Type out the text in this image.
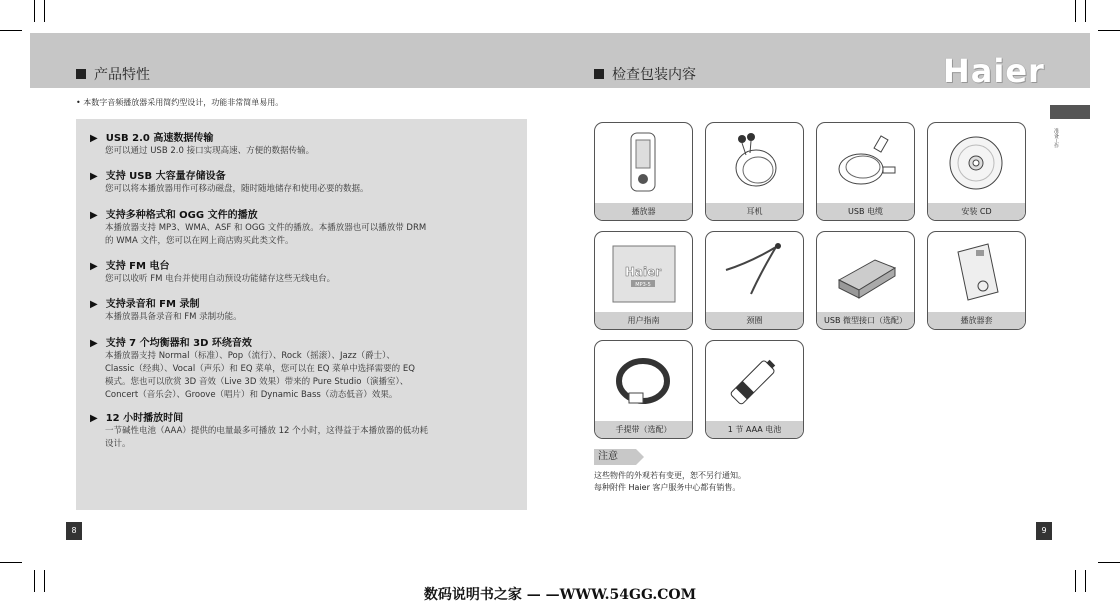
产品特性	检查包装内容	Haier
• 本数字音频播放器采用简约型设计，功能非常简单易用。
▶ USB 2.0 高速数据传输
您可以通过 USB 2.0 接口实现高速、方便的数据传输。
▶ 支持 USB 大容量存储设备
您可以将本播放器用作可移动磁盘，随时随地储存和使用必要的数据。
▶ 支持多种格式和 OGG 文件的播放
本播放器支持 MP3、WMA、ASF 和 OGG 文件的播放。本播放器也可以播放带 DRM
的 WMA 文件，您可以在网上商店购买此类文件。
▶ 支持 FM 电台
您可以收听 FM 电台并使用自动预设功能储存这些无线电台。
▶ 支持录音和 FM 录制
本播放器具备录音和 FM 录制功能。
▶ 支持 7 个均衡器和 3D 环绕音效
本播放器支持 Normal（标准）、Pop（流行）、Rock（摇滚）、Jazz（爵士）、
Classic（经典）、Vocal（声乐）和 EQ 菜单，您可以在 EQ 菜单中选择需要的 EQ
模式。您也可以欣赏 3D 音效（Live 3D 效果）带来的 Pure Studio（演播室）、
Concert（音乐会）、Groove（唱片）和 Dynamic Bass（动态低音）效果。
▶ 12 小时播放时间
一节碱性电池（AAA）提供的电量最多可播放 12 个小时，这得益于本播放器的低功耗
设计。
播放器	耳机	USB 电缆	安装 CD
Haier
MP3-5
用户指南	颈圈	USB 微型接口（选配）	播放器套
手提带（选配）	1 节 AAA 电池
注意
这些物件的外观若有变更，恕不另行通知。
每种附件 Haier 客户服务中心都有销售。
准备工作
8	9
数码说明书之家 — —WWW.54GG.COM
